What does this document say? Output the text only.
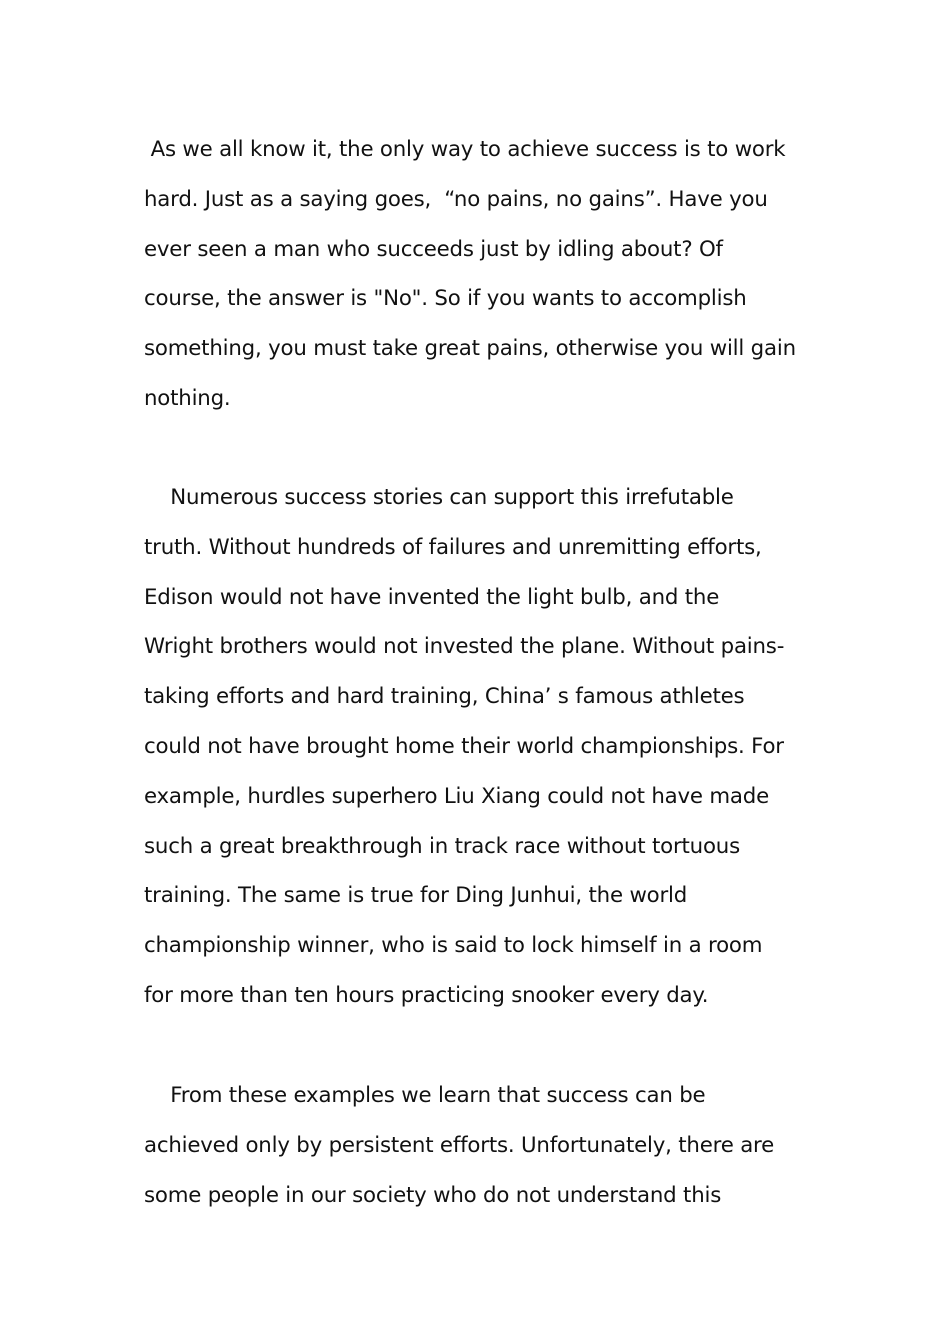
As we all know it, the only way to achieve success is to work
hard. Just as a saying goes,  “no pains, no gains”. Have you
ever seen a man who succeeds just by idling about? Of
course, the answer is "No". So if you wants to accomplish
something, you must take great pains, otherwise you will gain
nothing.
Numerous success stories can support this irrefutable
truth. Without hundreds of failures and unremitting efforts,
Edison would not have invented the light bulb, and the
Wright brothers would not invested the plane. Without pains-
taking efforts and hard training, China’ s famous athletes
could not have brought home their world championships. For
example, hurdles superhero Liu Xiang could not have made
such a great breakthrough in track race without tortuous
training. The same is true for Ding Junhui, the world
championship winner, who is said to lock himself in a room
for more than ten hours practicing snooker every day.
From these examples we learn that success can be
achieved only by persistent efforts. Unfortunately, there are
some people in our society who do not understand this
